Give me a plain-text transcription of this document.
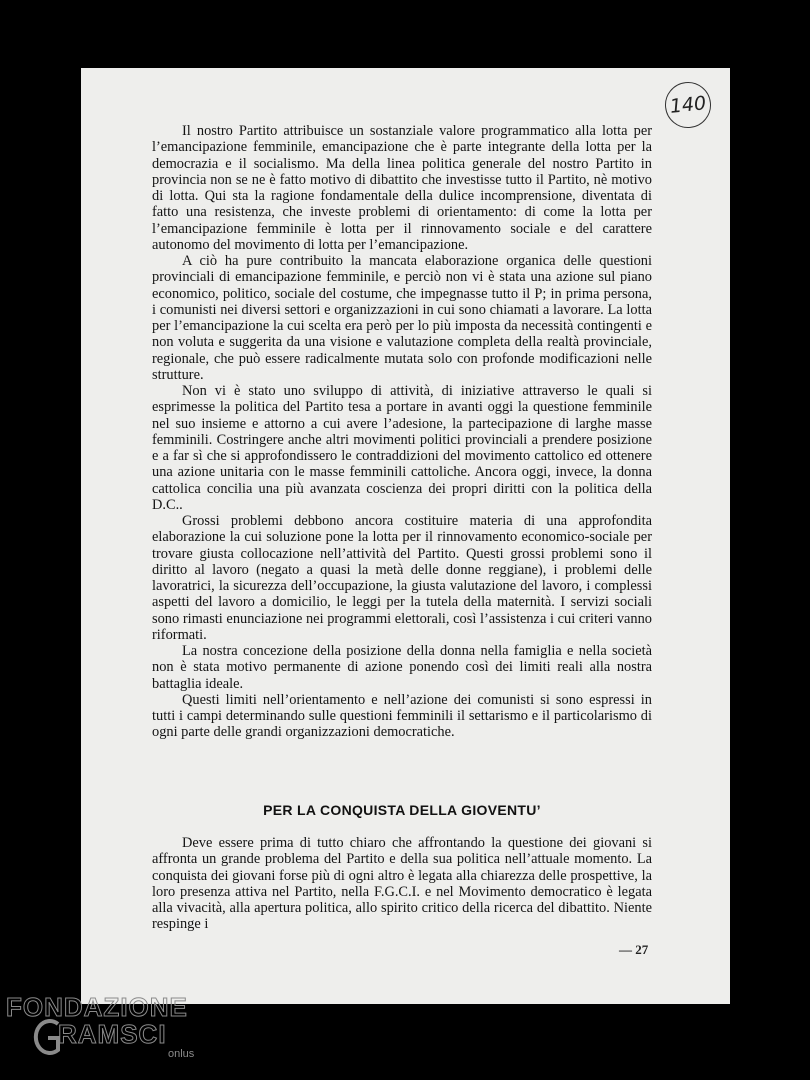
140

Il nostro Partito attribuisce un sostanziale valore programmatico alla lotta per l’emancipazione femminile, emancipazione che è parte integrante della lotta per la democrazia e il socialismo. Ma della linea politica generale del nostro Partito in provincia non se ne è fatto motivo di dibattito che investisse tutto il Partito, nè motivo di lotta. Qui sta la ragione fondamentale della dulice incomprensione, diventata di fatto una resistenza, che investe problemi di orientamento: di come la lotta per l’emancipazione femminile è lotta per il rinnovamento sociale e del carattere autonomo del movimento di lotta per l’emancipazione.

A ciò ha pure contribuito la mancata elaborazione organica delle questioni provinciali di emancipazione femminile, e perciò non vi è stata una azione sul piano economico, politico, sociale del costume, che impegnasse tutto il P; in prima persona, i comunisti nei diversi settori e organizzazioni in cui sono chiamati a lavorare. La lotta per l’emancipazione la cui scelta era però per lo più imposta da necessità contingenti e non voluta e suggerita da una visione e valutazione completa della realtà provinciale, regionale, che può essere radicalmente mutata solo con profonde modificazioni nelle strutture.

Non vi è stato uno sviluppo di attività, di iniziative attraverso le quali si esprimesse la politica del Partito tesa a portare in avanti oggi la questione femminile nel suo insieme e attorno a cui avere l’adesione, la partecipazione di larghe masse femminili. Costringere anche altri movimenti politici provinciali a prendere posizione e a far sì che si approfondissero le contraddizioni del movimento cattolico ed ottenere una azione unitaria con le masse femminili cattoliche. Ancora oggi, invece, la donna cattolica concilia una più avanzata coscienza dei propri diritti con la politica della D.C..

Grossi problemi debbono ancora costituire materia di una approfondita elaborazione la cui soluzione pone la lotta per il rinnovamento economico-sociale per trovare giusta collocazione nell’attività del Partito. Questi grossi problemi sono il diritto al lavoro (negato a quasi la metà delle donne reggiane), i problemi delle lavoratrici, la sicurezza dell’occupazione, la giusta valutazione del lavoro, i complessi aspetti del lavoro a domicilio, le leggi per la tutela della maternità. I servizi sociali sono rimasti enunciazione nei programmi elettorali, così l’assistenza i cui criteri vanno riformati.

La nostra concezione della posizione della donna nella famiglia e nella società non è stata motivo permanente di azione ponendo così dei limiti reali alla nostra battaglia ideale.

Questi limiti nell’orientamento e nell’azione dei comunisti si sono espressi in tutti i campi determinando sulle questioni femminili il settarismo e il particolarismo di ogni parte delle grandi organizzazioni democratiche.

PER LA CONQUISTA DELLA GIOVENTU’

Deve essere prima di tutto chiaro che affrontando la questione dei giovani si affronta un grande problema del Partito e della sua politica nell’attuale momento. La conquista dei giovani forse più di ogni altro è legata alla chiarezza delle prospettive, la loro presenza attiva nel Partito, nella F.G.C.I. e nel Movimento democratico è legata alla vivacità, alla apertura politica, allo spirito critico della ricerca del dibattito. Niente respinge i

— 27
FONDAZIONE
RAMSCI
onlus
